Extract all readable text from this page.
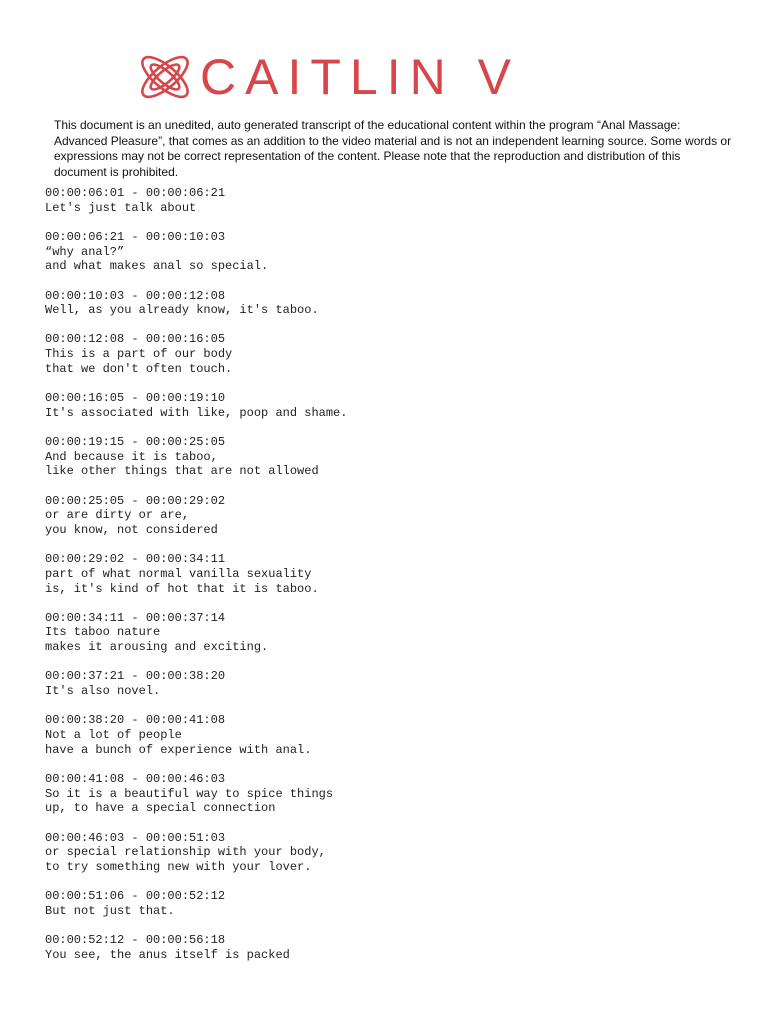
CAITLIN V

This document is an unedited, auto generated transcript of the educational content within the program “Anal Massage: Advanced Pleasure”, that comes as an addition to the video material and is not an independent learning source. Some words or expressions may not be correct representation of the content. Please note that the reproduction and distribution of this document is prohibited.

00:00:06:01 - 00:00:06:21
Let's just talk about
00:00:06:21 - 00:00:10:03
“why anal?”
and what makes anal so special.
00:00:10:03 - 00:00:12:08
Well, as you already know, it's taboo.
00:00:12:08 - 00:00:16:05
This is a part of our body
that we don't often touch.
00:00:16:05 - 00:00:19:10
It's associated with like, poop and shame.
00:00:19:15 - 00:00:25:05
And because it is taboo,
like other things that are not allowed
00:00:25:05 - 00:00:29:02
or are dirty or are,
you know, not considered
00:00:29:02 - 00:00:34:11
part of what normal vanilla sexuality
is, it's kind of hot that it is taboo.
00:00:34:11 - 00:00:37:14
Its taboo nature
makes it arousing and exciting.
00:00:37:21 - 00:00:38:20
It's also novel.
00:00:38:20 - 00:00:41:08
Not a lot of people
have a bunch of experience with anal.
00:00:41:08 - 00:00:46:03
So it is a beautiful way to spice things
up, to have a special connection
00:00:46:03 - 00:00:51:03
or special relationship with your body,
to try something new with your lover.
00:00:51:06 - 00:00:52:12
But not just that.
00:00:52:12 - 00:00:56:18
You see, the anus itself is packed
